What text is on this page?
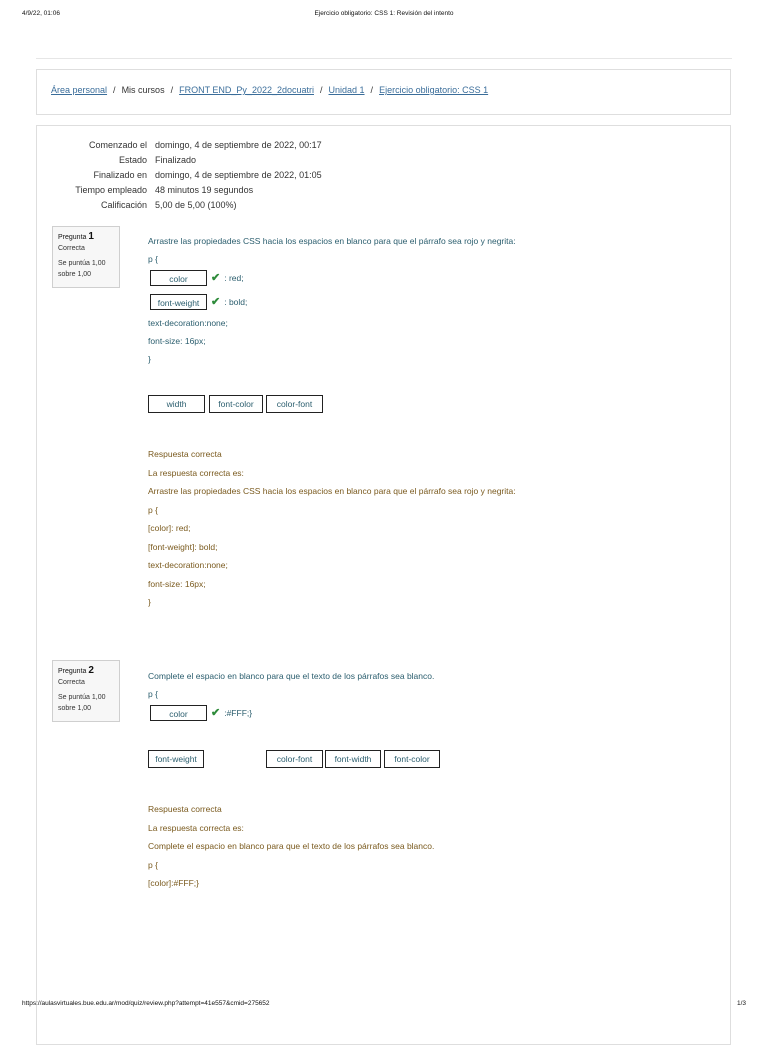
4/9/22, 01:06	Ejercicio obligatorio: CSS 1: Revisión del intento
Área personal / Mis cursos / FRONT END_Py_2022_2docuatri / Unidad 1 / Ejercicio obligatorio: CSS 1
Comenzado el domingo, 4 de septiembre de 2022, 00:17
Estado Finalizado
Finalizado en domingo, 4 de septiembre de 2022, 01:05
Tiempo empleado 48 minutos 19 segundos
Calificación 5,00 de 5,00 (100%)
Pregunta 1
Correcta
Se puntúa 1,00
sobre 1,00
Arrastre las propiedades CSS hacia los espacios en blanco para que el párrafo sea rojo y negrita:
p {
color ✔ : red;
font-weight ✔ : bold;
text-decoration:none;
font-size: 16px;
}
width	font-color	color-font
Respuesta correcta
La respuesta correcta es:
Arrastre las propiedades CSS hacia los espacios en blanco para que el párrafo sea rojo y negrita:
p {
[color]: red;
[font-weight]: bold;
text-decoration:none;
font-size: 16px;
}
Pregunta 2
Correcta
Se puntúa 1,00
sobre 1,00
Complete el espacio en blanco para que el texto de los párrafos sea blanco.
p {
color ✔ :#FFF;}
font-weight	color-font	font-width	font-color
Respuesta correcta
La respuesta correcta es:
Complete el espacio en blanco para que el texto de los párrafos sea blanco.
p {
[color]:#FFF;}
https://aulasvirtuales.bue.edu.ar/mod/quiz/review.php?attempt=41e557&cmid=275652	1/3
